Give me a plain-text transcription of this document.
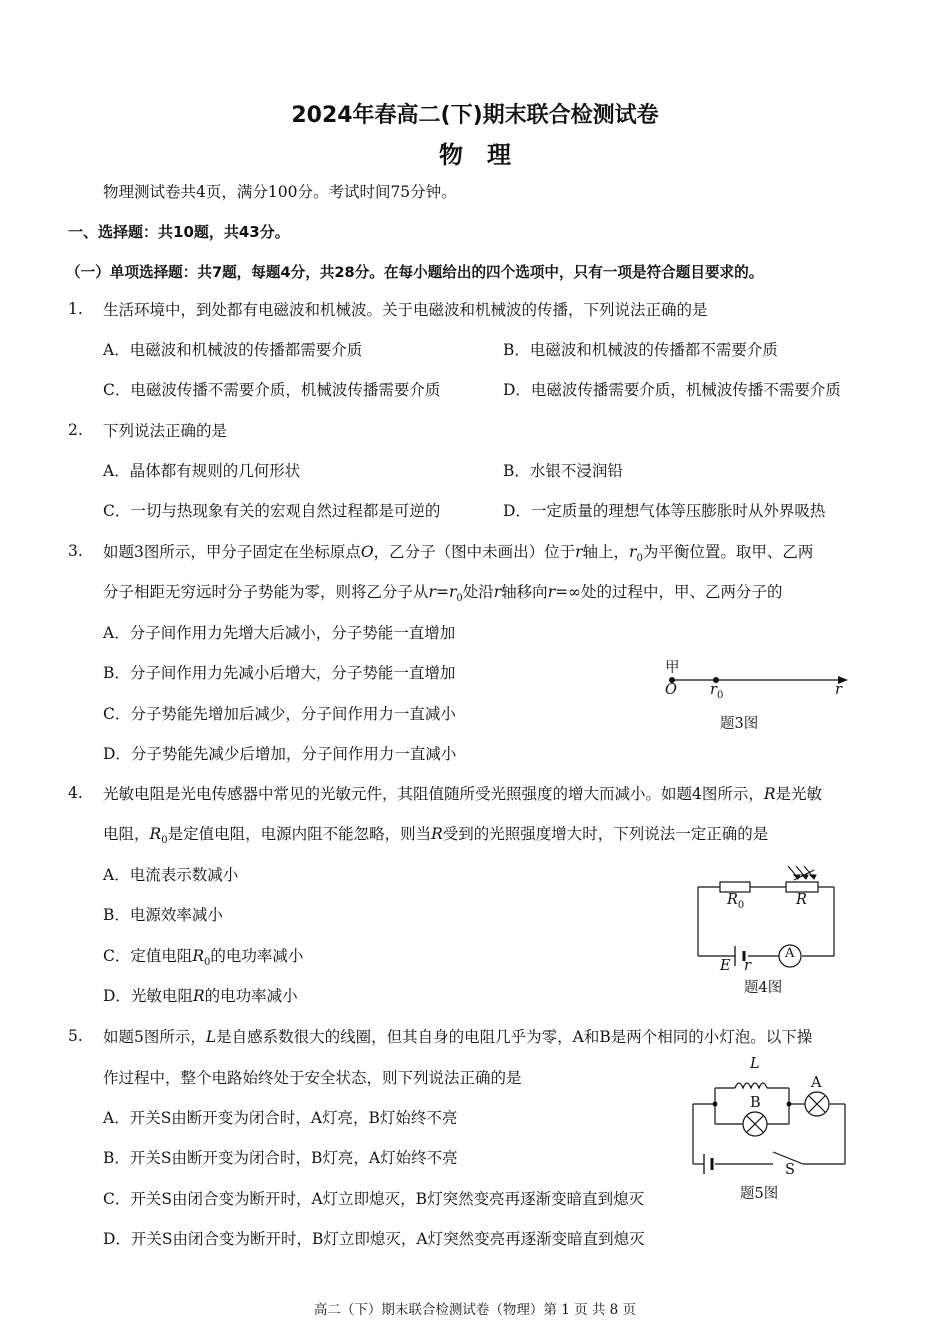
2024年春高二(下)期末联合检测试卷
物　理
物理测试卷共4页，满分100分。考试时间75分钟。
一、选择题：共10题，共43分。
（一）单项选择题：共7题，每题4分，共28分。在每小题给出的四个选项中，只有一项是符合题目要求的。
1. 生活环境中，到处都有电磁波和机械波。关于电磁波和机械波的传播，下列说法正确的是
A．电磁波和机械波的传播都需要介质	B．电磁波和机械波的传播都不需要介质
C．电磁波传播不需要介质，机械波传播需要介质	D．电磁波传播需要介质，机械波传播不需要介质
2. 下列说法正确的是
A．晶体都有规则的几何形状	B．水银不浸润铅
C．一切与热现象有关的宏观自然过程都是可逆的	D．一定质量的理想气体等压膨胀时从外界吸热
3. 如题3图所示，甲分子固定在坐标原点O，乙分子（图中未画出）位于r轴上，$r_0$为平衡位置。取甲、乙两
分子相距无穷远时分子势能为零，则将乙分子从$r=r_0$处沿r轴移向r=∞处的过程中，甲、乙两分子的
A．分子间作用力先增大后减小，分子势能一直增加
B．分子间作用力先减小后增大，分子势能一直增加
C．分子势能先增加后减少，分子间作用力一直减小
D．分子势能先减少后增加，分子间作用力一直减小
甲
O $r_0$	r
题3图
4. 光敏电阻是光电传感器中常见的光敏元件，其阻值随所受光照强度的增大而减小。如题4图所示，R是光敏
电阻，$R_0$是定值电阻，电源内阻不能忽略，则当R受到的光照强度增大时，下列说法一定正确的是
A．电流表示数减小
B．电源效率减小
C．定值电阻$R_0$的电功率减小
D．光敏电阻R的电功率减小
$R_0$	R
E r
A
题4图
5. 如题5图所示，L是自感系数很大的线圈，但其自身的电阻几乎为零，A和B是两个相同的小灯泡。以下操
作过程中，整个电路始终处于安全状态，则下列说法正确的是
A．开关S由断开变为闭合时，A灯亮，B灯始终不亮
B．开关S由断开变为闭合时，B灯亮，A灯始终不亮
C．开关S由闭合变为断开时，A灯立即熄灭，B灯突然变亮再逐渐变暗直到熄灭
D．开关S由闭合变为断开时，B灯立即熄灭，A灯突然变亮再逐渐变暗直到熄灭
L
A
B
S
题5图
高二（下）期末联合检测试卷（物理）第 1 页 共 8 页
